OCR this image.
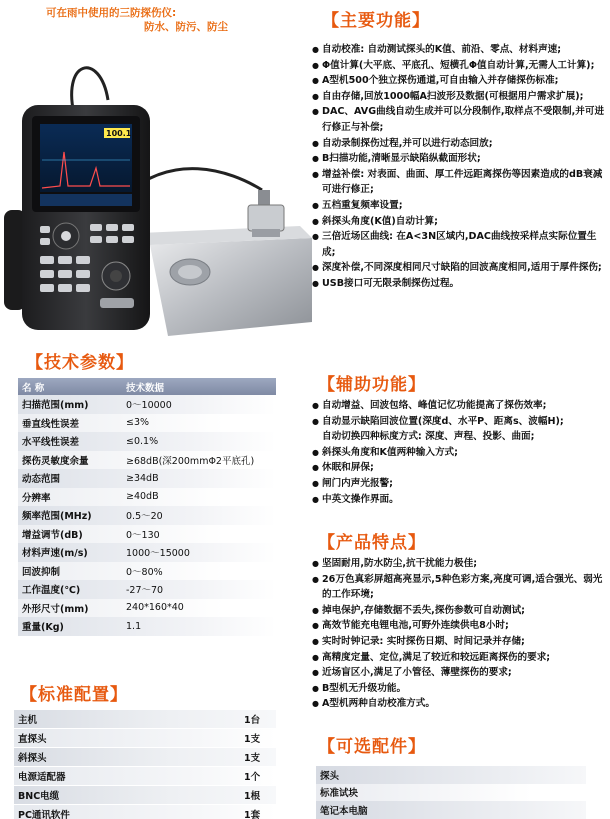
可在雨中使用的三防探伤仪:
防水、防污、防尘
100.1
【主要功能】
【技术参数】
【标准配置】
【辅助功能】
【产品特点】
【可选配件】
● 自动校准: 自动测试探头的K值、前沿、零点、材料声速;
● Φ值计算(大平底、平底孔、短横孔Φ值自动计算,无需人工计算);
● A型机500个独立探伤通道,可自由输入并存储探伤标准;
● 自由存储,回放1000幅A扫波形及数据(可根据用户需求扩展);
● DAC、AVG曲线自动生成并可以分段制作,取样点不受限制,并可进行修正与补偿;
● 自动录制探伤过程,并可以进行动态回放;
● B扫描功能,清晰显示缺陷纵截面形状;
● 增益补偿: 对表面、曲面、厚工件远距离探伤等因素造成的dB衰减可进行修正;
● 五档重复频率设置;
● 斜探头角度(K值)自动计算;
● 三倍近场区曲线: 在A<3N区域内,DAC曲线按采样点实际位置生成;
● 深度补偿,不同深度相同尺寸缺陷的回波高度相同,适用于厚件探伤;
● USB接口可无限录制探伤过程。
名 称	技术数据
扫描范围(mm)	0～10000
垂直线性误差	≤3%
水平线性误差	≤0.1%
探伤灵敏度余量	≥68dB(深200mmΦ2平底孔)
动态范围	≥34dB
分辨率	≥40dB
频率范围(MHz)	0.5～20
增益调节(dB)	0～130
材料声速(m/s)	1000～15000
回波抑制	0～80%
工作温度(℃)	-27～70
外形尺寸(mm)	240*160*40
重量(Kg)	1.1
主机	1台
直探头	1支
斜探头	1支
电源适配器	1个
BNC电缆	1根
PC通讯软件	1套
● 自动增益、回波包络、峰值记忆功能提高了探伤效率;
● 自动显示缺陷回波位置(深度d、水平P、距离s、波幅H);
自动切换四种标度方式: 深度、声程、投影、曲面;
● 斜探头角度和K值两种输入方式;
● 休眠和屏保;
● 闸门内声光报警;
● 中英文操作界面。
● 坚固耐用,防水防尘,抗干扰能力极佳;
● 26万色真彩屏超高亮显示,5种色彩方案,亮度可调,适合强光、弱光的工作环境;
● 掉电保护,存储数据不丢失,探伤参数可自动测试;
● 高效节能充电锂电池,可野外连续供电8小时;
● 实时时钟记录: 实时探伤日期、时间记录并存储;
● 高精度定量、定位,满足了较近和较远距离探伤的要求;
● 近场盲区小,满足了小管径、薄壁探伤的要求;
● B型机无升级功能。
● A型机两种自动校准方式。
探头
标准试块
笔记本电脑
